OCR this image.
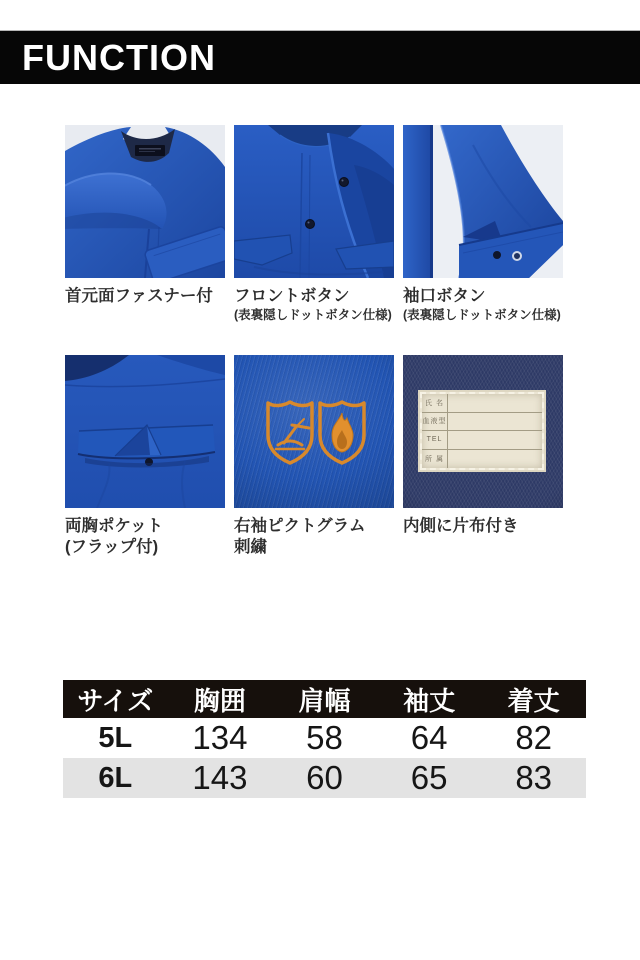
FUNCTION
首元面ファスナー付	フロントボタン
(表裏隠しドットボタン仕様)
袖口ボタン
(表裏隠しドットボタン仕様)
両胸ポケット
(フラップ付)
右袖ピクトグラム
刺繍
氏 名
血液型
TEL
所 属
内側に片布付き
サイズ	胸囲	肩幅	袖丈	着丈
5L	134	58	64	82
6L	143	60	65	83
